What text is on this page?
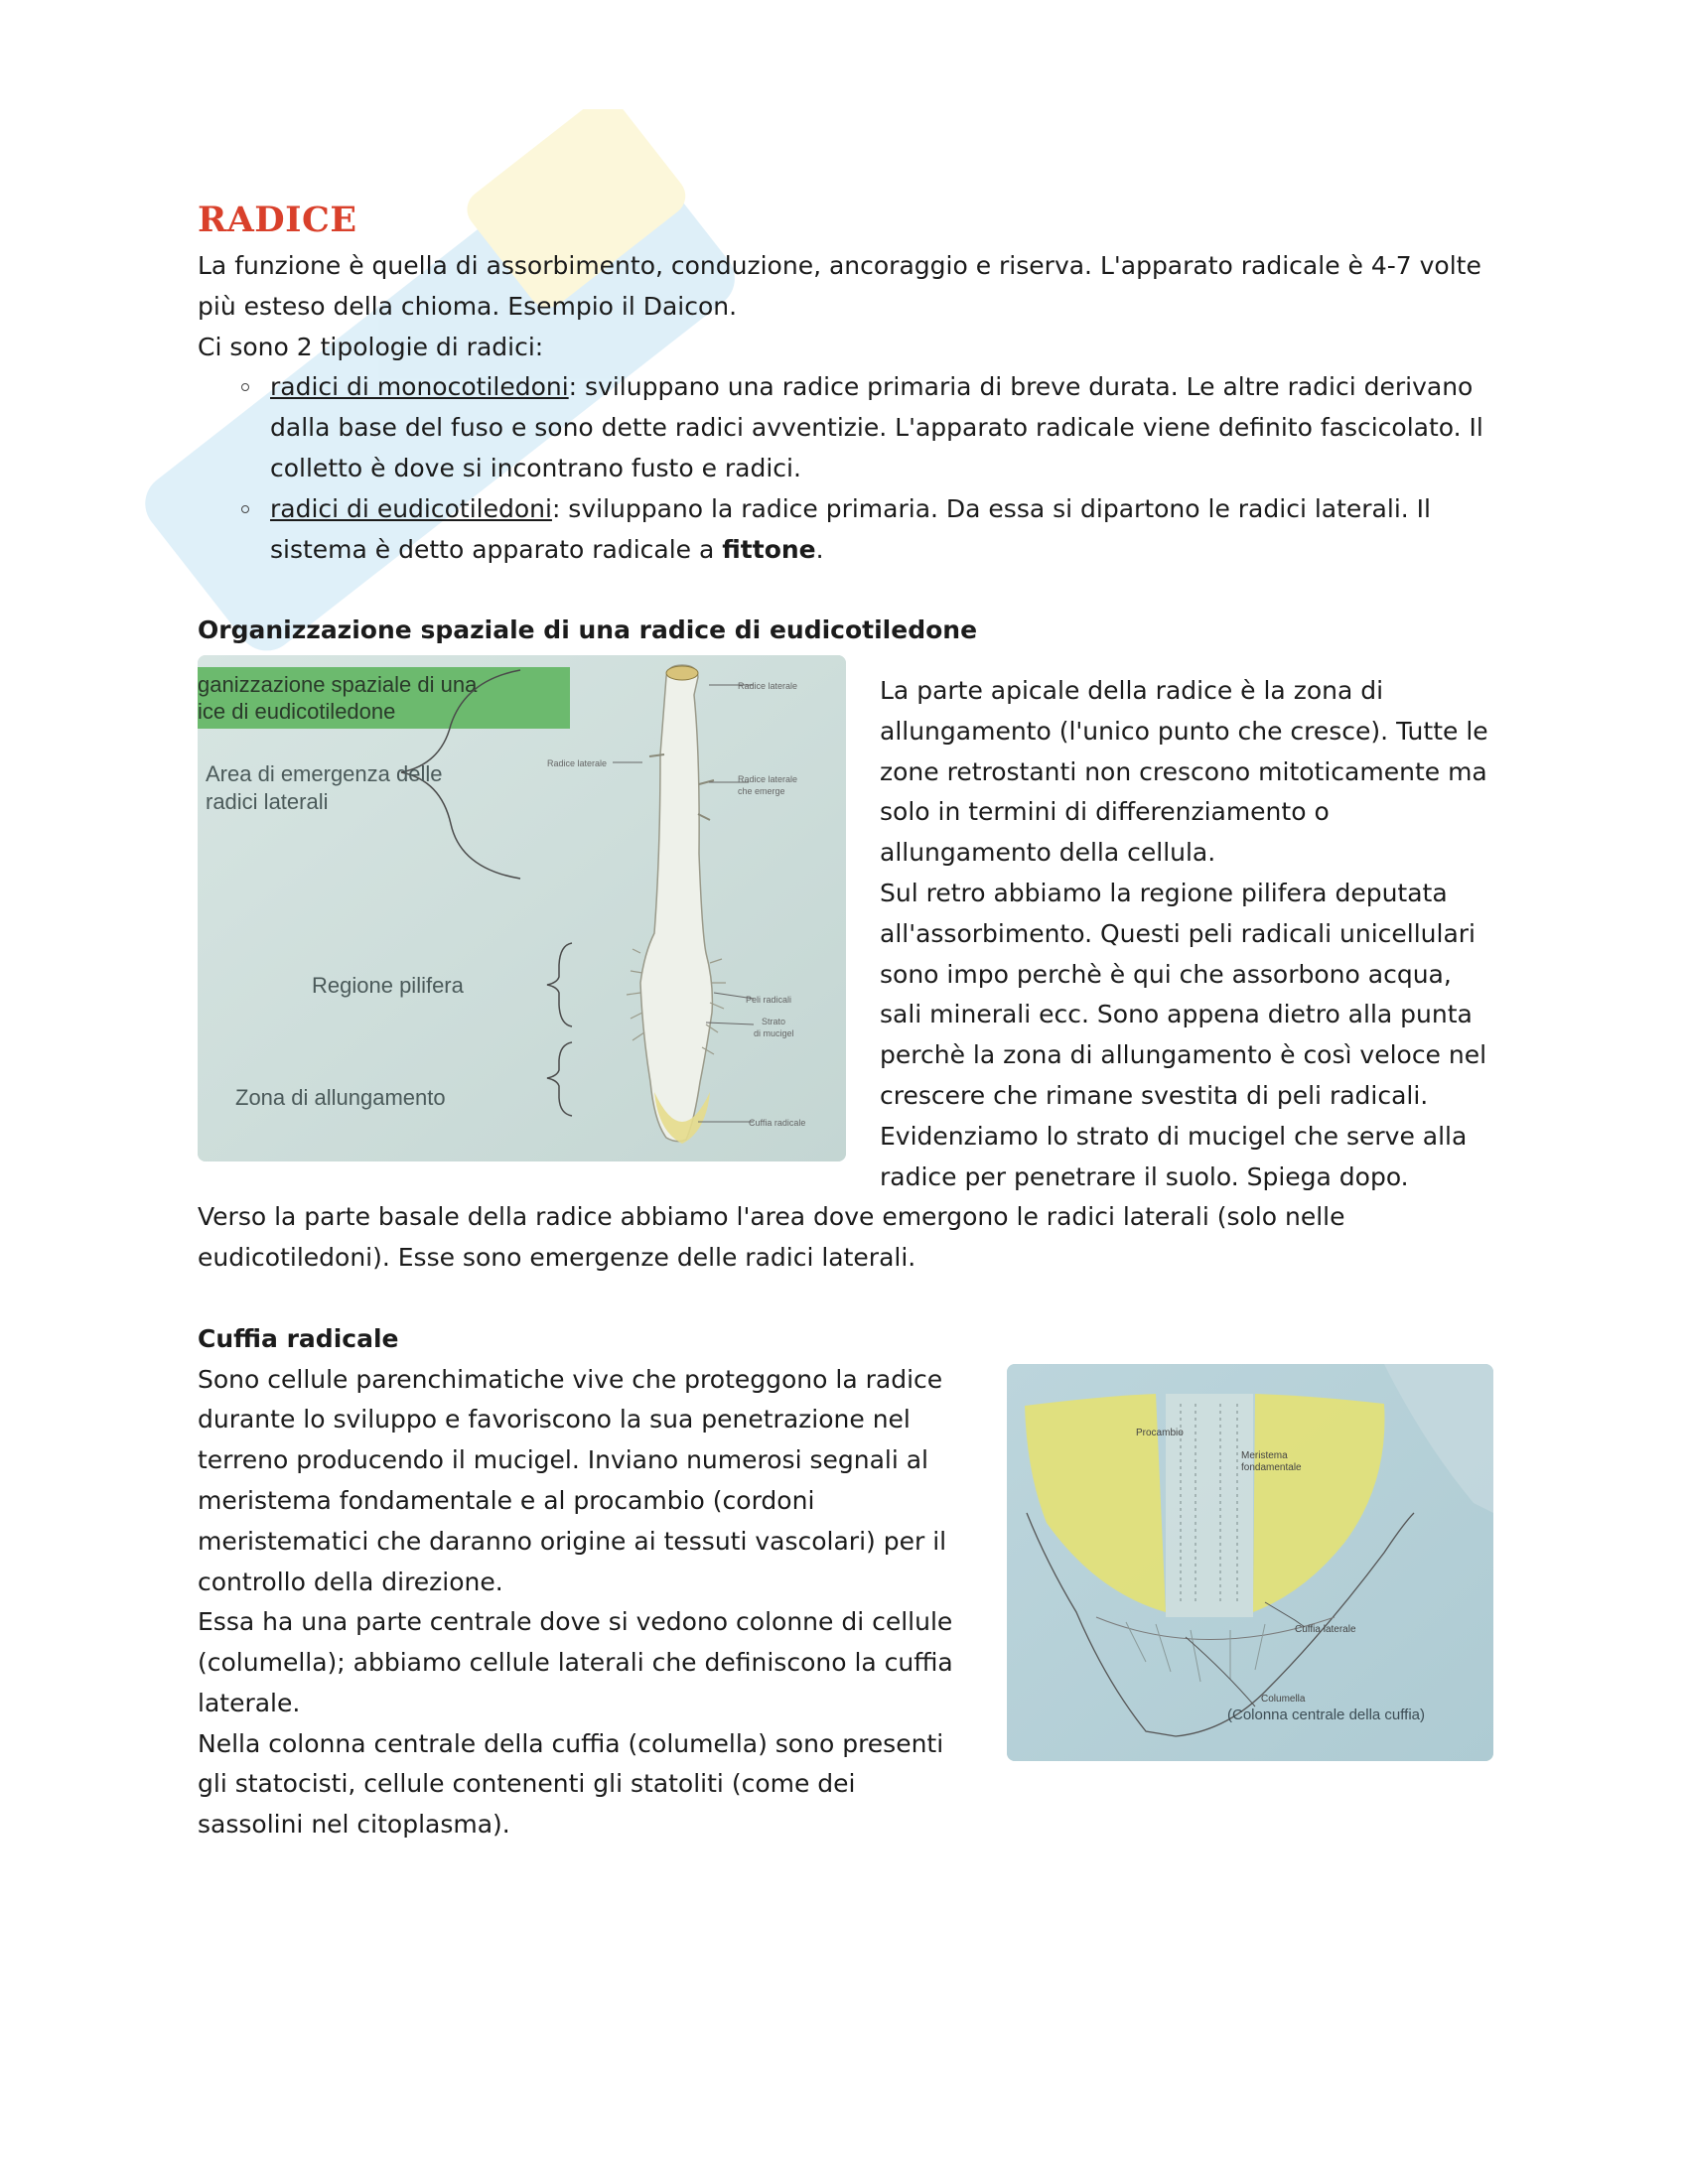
RADICE

La funzione è quella di assorbimento, conduzione, ancoraggio e riserva. L'apparato radicale è 4-7 volte più esteso della chioma. Esempio il Daicon.

Ci sono 2 tipologie di radici:

radici di monocotiledoni: sviluppano una radice primaria di breve durata. Le altre radici derivano dalla base del fuso e sono dette radici avventizie. L'apparato radicale viene definito fascicolato. Il colletto è dove si incontrano fusto e radici.
radici di eudicotiledoni: sviluppano la radice primaria. Da essa si dipartono le radici laterali. Il sistema è detto apparato radicale a fittone.
Organizzazione spaziale di una radice di eudicotiledone
ganizzazione spaziale di una
ice di eudicotiledone
Area di emergenza delle
radici laterali
Regione pilifera
Zona di allungamento
Radice laterale
Radice laterale
Radice laterale
che emerge
Peli radicali
Strato
di mucigel
Cuffia radicale

La parte apicale della radice è la zona di allungamento (l'unico punto che cresce). Tutte le zone retrostanti non crescono mitoticamente ma solo in termini di differenziamento o allungamento della cellula.

Sul retro abbiamo la regione pilifera deputata all'assorbimento. Questi peli radicali unicellulari sono impo perchè è qui che assorbono acqua, sali minerali ecc. Sono appena dietro alla punta perchè la zona di allungamento è così veloce nel crescere che rimane svestita di peli radicali. Evidenziamo lo strato di mucigel che serve alla radice per penetrare il suolo. Spiega dopo.

Verso la parte basale della radice abbiamo l'area dove emergono le radici laterali (solo nelle eudicotiledoni). Esse sono emergenze delle radici laterali.

Cuffia radicale
Procambio
Meristema
fondamentale
Cuffia laterale
Columella
(Colonna centrale della cuffia)

Sono cellule parenchimatiche vive che proteggono la radice durante lo sviluppo e favoriscono la sua penetrazione nel terreno producendo il mucigel. Inviano numerosi segnali al meristema fondamentale e al procambio (cordoni meristematici che daranno origine ai tessuti vascolari) per il controllo della direzione.

Essa ha una parte centrale dove si vedono colonne di cellule (columella); abbiamo cellule laterali che definiscono la cuffia laterale.

Nella colonna centrale della cuffia (columella) sono presenti gli statocisti, cellule contenenti gli statoliti (come dei sassolini nel citoplasma).
